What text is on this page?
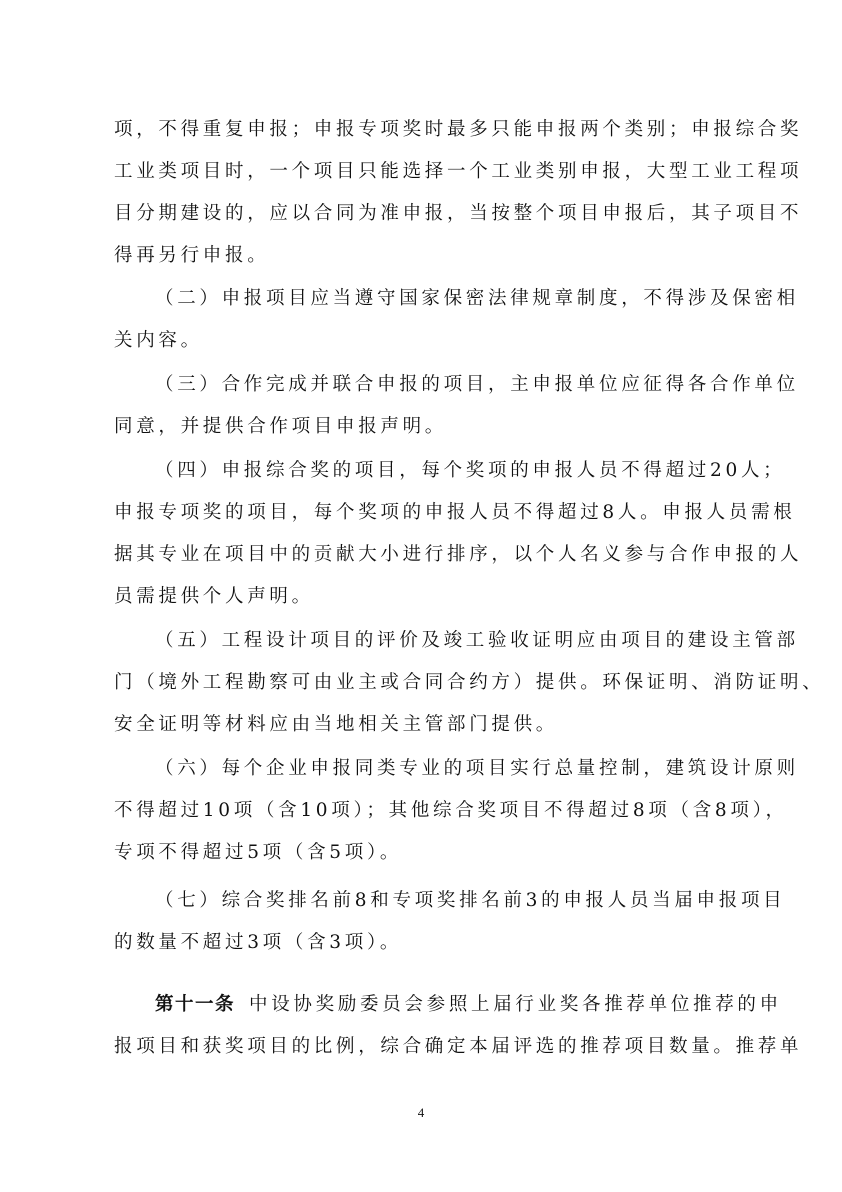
项，不得重复申报；申报专项奖时最多只能申报两个类别；申报综合奖
工业类项目时，一个项目只能选择一个工业类别申报，大型工业工程项
目分期建设的，应以合同为准申报，当按整个项目申报后，其子项目不
得再另行申报。
（二）申报项目应当遵守国家保密法律规章制度，不得涉及保密相
关内容。
（三）合作完成并联合申报的项目，主申报单位应征得各合作单位
同意，并提供合作项目申报声明。
（四）申报综合奖的项目，每个奖项的申报人员不得超过20人；
申报专项奖的项目，每个奖项的申报人员不得超过8人。申报人员需根
据其专业在项目中的贡献大小进行排序，以个人名义参与合作申报的人
员需提供个人声明。
（五）工程设计项目的评价及竣工验收证明应由项目的建设主管部
门（境外工程勘察可由业主或合同合约方）提供。环保证明、消防证明、
安全证明等材料应由当地相关主管部门提供。
（六）每个企业申报同类专业的项目实行总量控制，建筑设计原则
不得超过10项（含10项）；其他综合奖项目不得超过8项（含8项），
专项不得超过5项（含5项）。
（七）综合奖排名前8和专项奖排名前3的申报人员当届申报项目
的数量不超过3项（含3项）。
第十一条 中设协奖励委员会参照上届行业奖各推荐单位推荐的申
报项目和获奖项目的比例，综合确定本届评选的推荐项目数量。推荐单
4
